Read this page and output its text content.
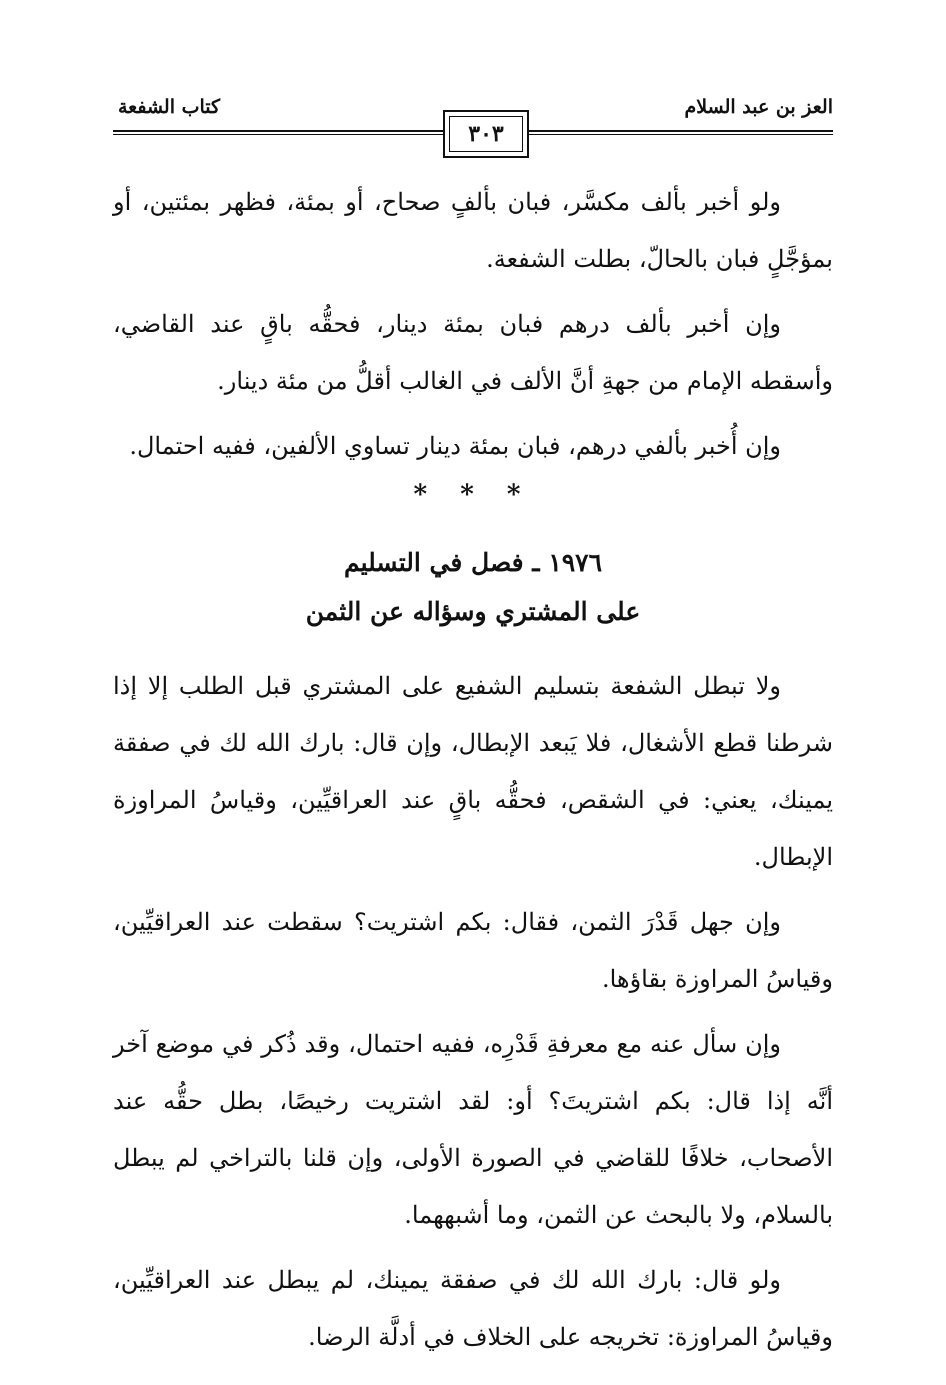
العز بن عبد السلام
كتاب الشفعة
٣٠٣

ولو أخبر بألف مكسَّر، فبان بألفٍ صحاح، أو بمئة، فظهر بمئتين، أو بمؤجَّلٍ فبان بالحالّ، بطلت الشفعة.

وإن أخبر بألف درهم فبان بمئة دينار، فحقُّه باقٍ عند القاضي، وأسقطه الإمام من جهةِ أنَّ الألف في الغالب أقلُّ من مئة دينار.

وإن أُخبر بألفي درهم، فبان بمئة دينار تساوي الألفين، ففيه احتمال.

* * *
١٩٧٦ ـ فصل في التسليم
على المشتري وسؤاله عن الثمن

ولا تبطل الشفعة بتسليم الشفيع على المشتري قبل الطلب إلا إذا شرطنا قطع الأشغال، فلا يَبعد الإبطال، وإن قال: بارك الله لك في صفقة يمينك، يعني: في الشقص، فحقُّه باقٍ عند العراقيِّين، وقياسُ المراوزة الإبطال.

وإن جهل قَدْرَ الثمن، فقال: بكم اشتريت؟ سقطت عند العراقيِّين، وقياسُ المراوزة بقاؤها.

وإن سأل عنه مع معرفةِ قَدْرِه، ففيه احتمال، وقد ذُكر في موضع آخر أنَّه إذا قال: بكم اشتريتَ؟ أو: لقد اشتريت رخيصًا، بطل حقُّه عند الأصحاب، خلافًا للقاضي في الصورة الأولى، وإن قلنا بالتراخي لم يبطل بالسلام، ولا بالبحث عن الثمن، وما أشبههما.

ولو قال: بارك الله لك في صفقة يمينك، لم يبطل عند العراقيِّين، وقياسُ المراوزة: تخريجه على الخلاف في أدلَّة الرضا.
